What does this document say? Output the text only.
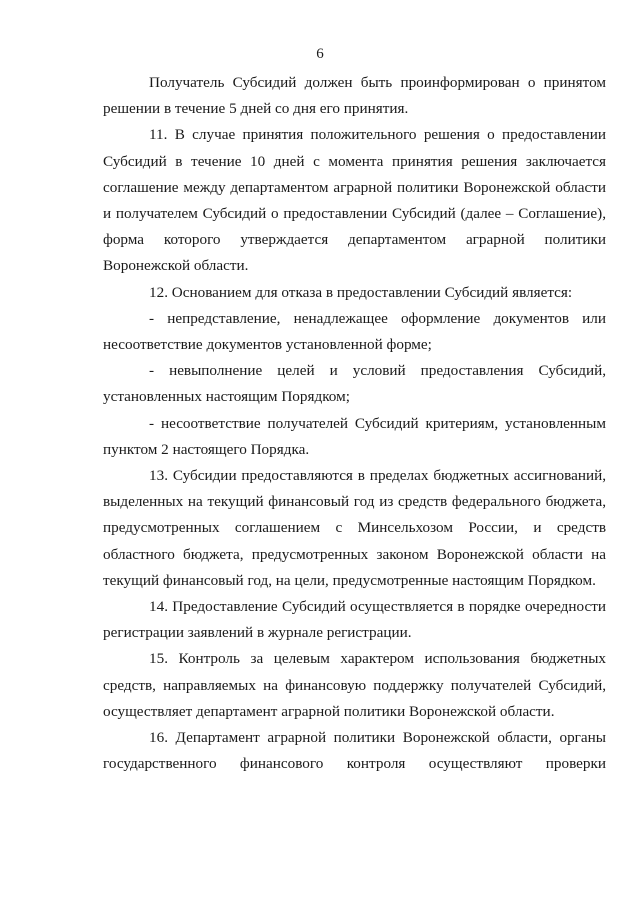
6

Получатель Субсидий должен быть проинформирован о принятом решении в течение 5 дней со дня его принятия.

11. В случае принятия положительного решения о предоставлении Субсидий в течение 10 дней с момента принятия решения заключается соглашение между департаментом аграрной политики Воронежской области и получателем Субсидий о предоставлении Субсидий (далее – Соглашение), форма которого утверждается департаментом аграрной политики Воронежской области.

12. Основанием для отказа в предоставлении Субсидий является:

- непредставление, ненадлежащее оформление документов или несоответствие документов установленной форме;

- невыполнение целей и условий предоставления Субсидий, установленных настоящим Порядком;

- несоответствие получателей Субсидий критериям, установленным пунктом 2 настоящего Порядка.

13. Субсидии предоставляются в пределах бюджетных ассигнований, выделенных на текущий финансовый год из средств федерального бюджета, предусмотренных соглашением с Минсельхозом России, и средств областного бюджета, предусмотренных законом Воронежской области на текущий финансовый год, на цели, предусмотренные настоящим Порядком.

14. Предоставление Субсидий осуществляется в порядке очередности регистрации заявлений в журнале регистрации.

15. Контроль за целевым характером использования бюджетных средств, направляемых на финансовую поддержку получателей Субсидий, осуществляет департамент аграрной политики Воронежской области.

16. Департамент аграрной политики Воронежской области, органы государственного финансового контроля осуществляют проверки
